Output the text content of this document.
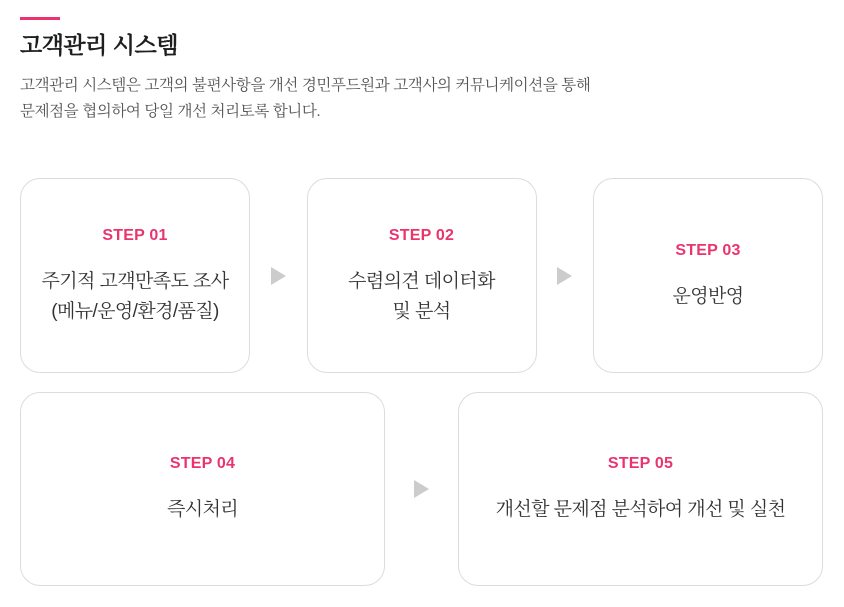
고객관리 시스템
고객관리 시스템은 고객의 불편사항을 개선 경민푸드원과 고객사의 커뮤니케이션을 통해
문제점을 협의하여 당일 개선 처리토록 합니다.
STEP 01
주기적 고객만족도 조사
(메뉴/운영/환경/품질)
STEP 02
수렴의견 데이터화
및 분석
STEP 03
운영반영
STEP 04
즉시처리
STEP 05
개선할 문제점 분석하여 개선 및 실천
